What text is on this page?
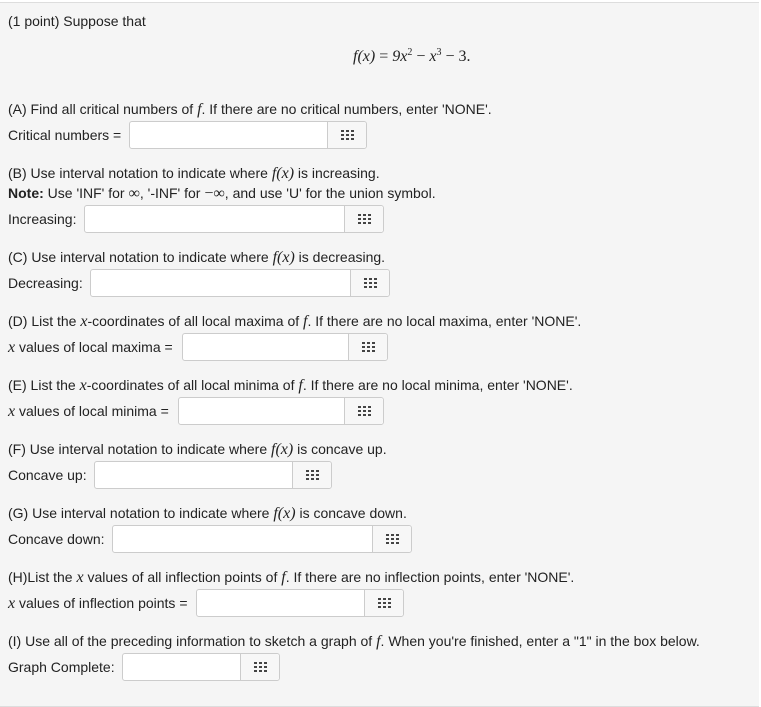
(1 point) Suppose that
$f(x) = 9x^2 - x^3 - 3$.
(A) Find all critical numbers of f. If there are no critical numbers, enter 'NONE'.
Critical numbers =
(B) Use interval notation to indicate where f(x) is increasing.
Note: Use 'INF' for ∞, '-INF' for −∞, and use 'U' for the union symbol.
Increasing:
(C) Use interval notation to indicate where f(x) is decreasing.
Decreasing:
(D) List the x-coordinates of all local maxima of f. If there are no local maxima, enter 'NONE'.
x values of local maxima =
(E) List the x-coordinates of all local minima of f. If there are no local minima, enter 'NONE'.
x values of local minima =
(F) Use interval notation to indicate where f(x) is concave up.
Concave up:
(G) Use interval notation to indicate where f(x) is concave down.
Concave down:
(H)List the x values of all inflection points of f. If there are no inflection points, enter 'NONE'.
x values of inflection points =
(I) Use all of the preceding information to sketch a graph of f. When you're finished, enter a "1" in the box below.
Graph Complete:
